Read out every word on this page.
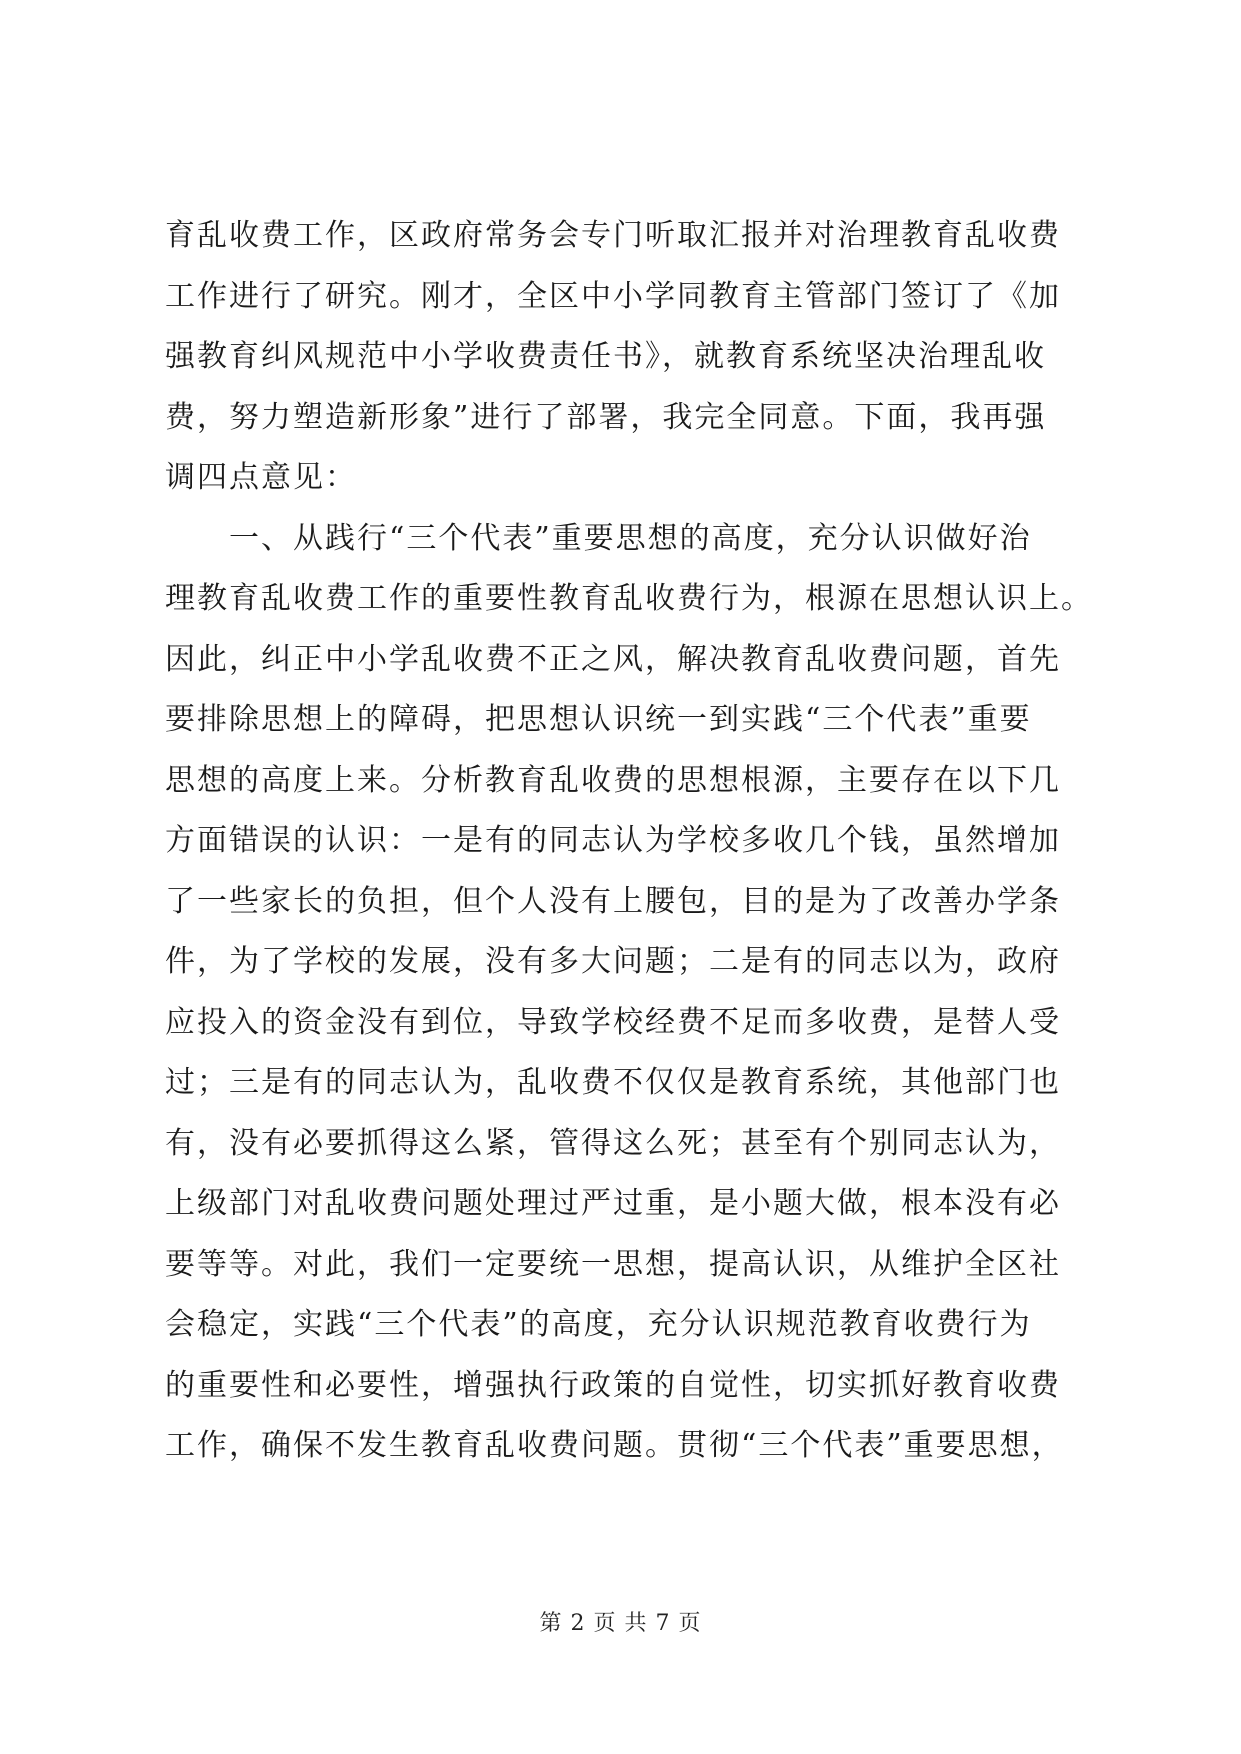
育乱收费工作，区政府常务会专门听取汇报并对治理教育乱收费
工作进行了研究。刚才，全区中小学同教育主管部门签订了《加
强教育纠风规范中小学收费责任书》，就教育系统坚决治理乱收
费，努力塑造新形象”进行了部署，我完全同意。下面，我再强
调四点意见：
　　一、从践行“三个代表”重要思想的高度，充分认识做好治
理教育乱收费工作的重要性教育乱收费行为，根源在思想认识上。
因此，纠正中小学乱收费不正之风，解决教育乱收费问题，首先
要排除思想上的障碍，把思想认识统一到实践“三个代表”重要
思想的高度上来。分析教育乱收费的思想根源，主要存在以下几
方面错误的认识：一是有的同志认为学校多收几个钱，虽然增加
了一些家长的负担，但个人没有上腰包，目的是为了改善办学条
件，为了学校的发展，没有多大问题；二是有的同志以为，政府
应投入的资金没有到位，导致学校经费不足而多收费，是替人受
过；三是有的同志认为，乱收费不仅仅是教育系统，其他部门也
有，没有必要抓得这么紧，管得这么死；甚至有个别同志认为，
上级部门对乱收费问题处理过严过重，是小题大做，根本没有必
要等等。对此，我们一定要统一思想，提高认识，从维护全区社
会稳定，实践“三个代表”的高度，充分认识规范教育收费行为
的重要性和必要性，增强执行政策的自觉性，切实抓好教育收费
工作，确保不发生教育乱收费问题。贯彻“三个代表”重要思想，
第 2 页 共 7 页
